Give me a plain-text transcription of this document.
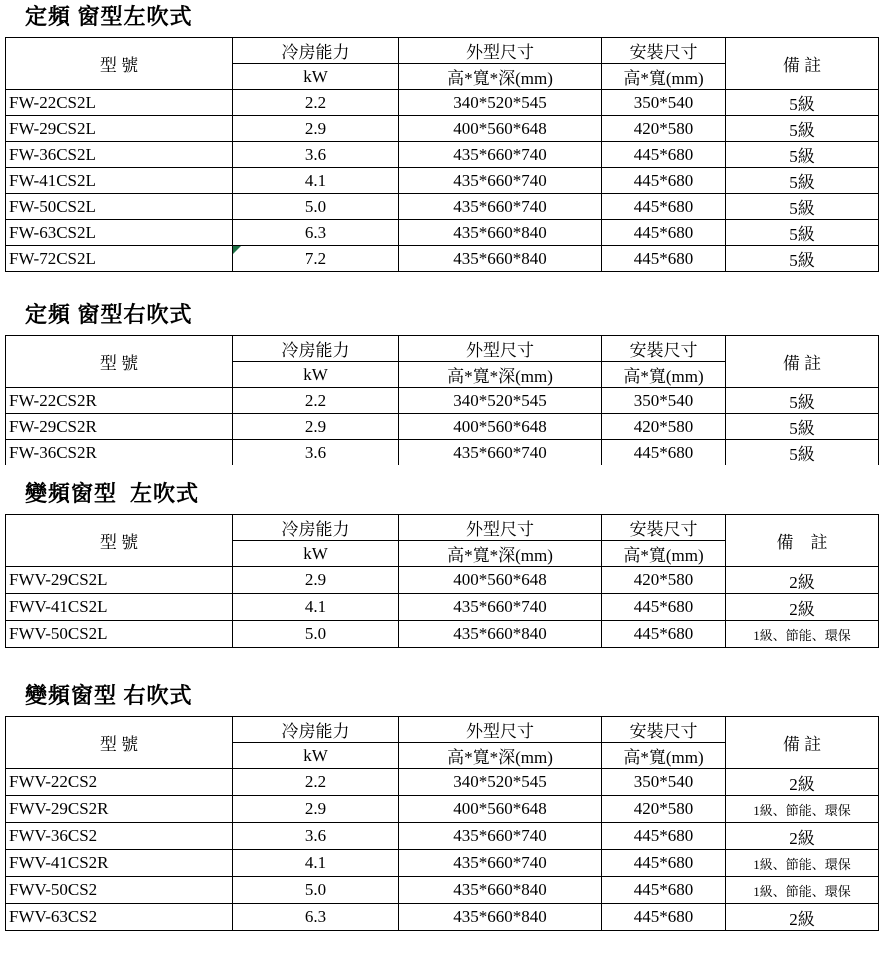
定頻 窗型左吹式
型 號	冷房能力	外型尺寸	安裝尺寸	備 註
	kW	高*寬*深(mm)	高*寬(mm)	
FW-22CS2L	2.2	340*520*545	350*540	5級
FW-29CS2L	2.9	400*560*648	420*580	5級
FW-36CS2L	3.6	435*660*740	445*680	5級
FW-41CS2L	4.1	435*660*740	445*680	5級
FW-50CS2L	5.0	435*660*740	445*680	5級
FW-63CS2L	6.3	435*660*840	445*680	5級
FW-72CS2L	7.2	435*660*840	445*680	5級
定頻 窗型右吹式
型 號	冷房能力	外型尺寸	安裝尺寸	備 註
	kW	高*寬*深(mm)	高*寬(mm)	
FW-22CS2R	2.2	340*520*545	350*540	5級
FW-29CS2R	2.9	400*560*648	420*580	5級
FW-36CS2R	3.6	435*660*740	445*680	5級
變頻窗型  左吹式
型 號	冷房能力	外型尺寸	安裝尺寸	備　註
	kW	高*寬*深(mm)	高*寬(mm)	
FWV-29CS2L	2.9	400*560*648	420*580	2級
FWV-41CS2L	4.1	435*660*740	445*680	2級
FWV-50CS2L	5.0	435*660*840	445*680	1級、節能、環保
變頻窗型 右吹式
型 號	冷房能力	外型尺寸	安裝尺寸	備 註
	kW	高*寬*深(mm)	高*寬(mm)	
FWV-22CS2	2.2	340*520*545	350*540	2級
FWV-29CS2R	2.9	400*560*648	420*580	1級、節能、環保
FWV-36CS2	3.6	435*660*740	445*680	2級
FWV-41CS2R	4.1	435*660*740	445*680	1級、節能、環保
FWV-50CS2	5.0	435*660*840	445*680	1級、節能、環保
FWV-63CS2	6.3	435*660*840	445*680	2級
